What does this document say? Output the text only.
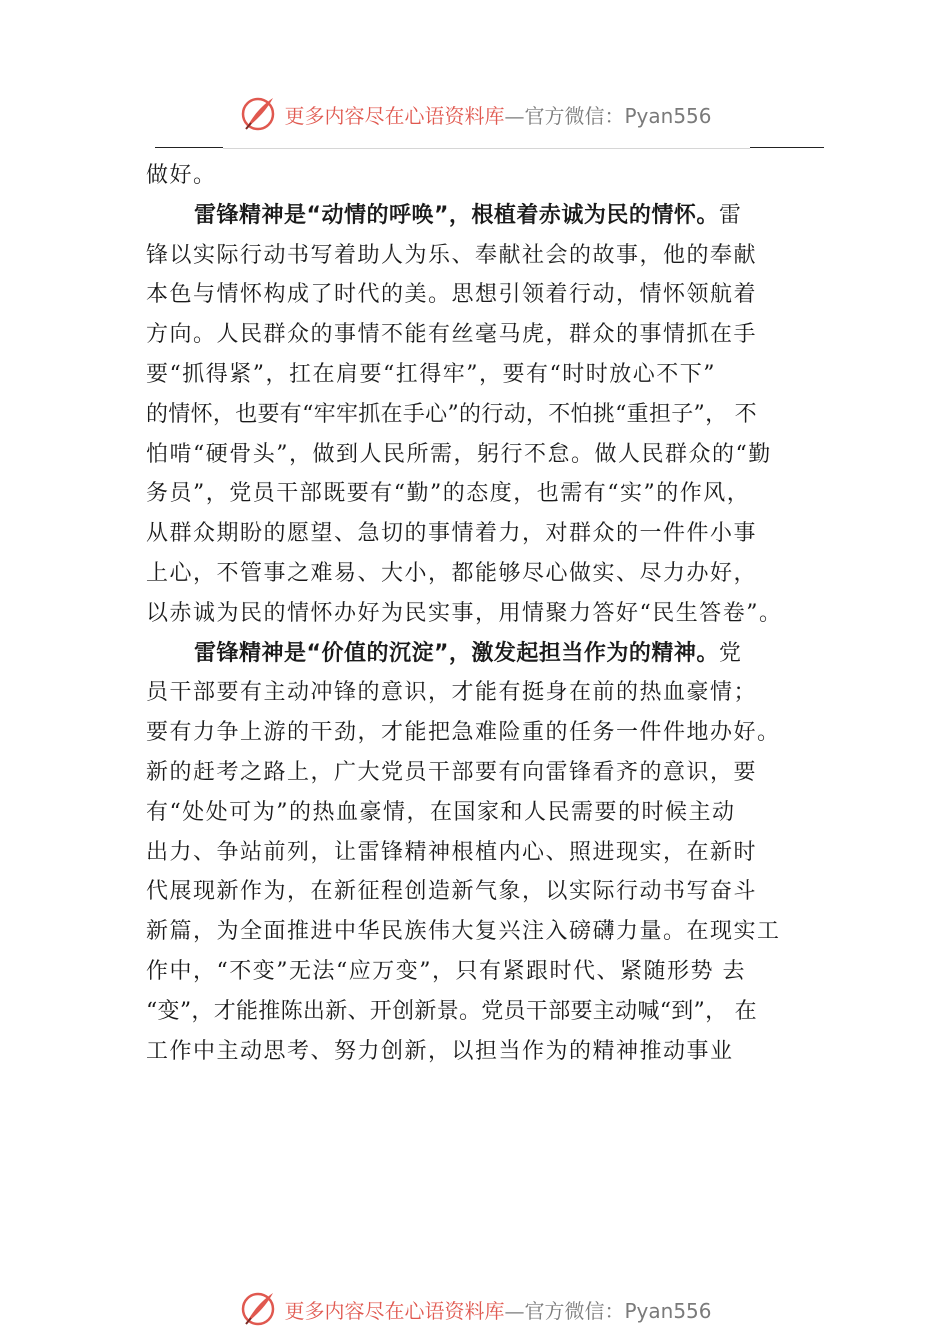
更多内容尽在心语资料库—官方微信：Pyan556
做好。
雷锋精神是“动情的呼唤”，根植着赤诚为民的情怀。雷
锋以实际行动书写着助人为乐、奉献社会的故事，他的奉献
本色与情怀构成了时代的美。思想引领着行动，情怀领航着
方向。人民群众的事情不能有丝毫马虎，群众的事情抓在手
要“抓得紧”，扛在肩要“扛得牢”，要有“时时放心不下”
的情怀，也要有“牢牢抓在手心”的行动，不怕挑“重担子”， 不
怕啃“硬骨头”，做到人民所需，躬行不怠。做人民群众的“勤
务员”，党员干部既要有“勤”的态度，也需有“实”的作风，
从群众期盼的愿望、急切的事情着力，对群众的一件件小事
上心，不管事之难易、大小，都能够尽心做实、尽力办好，
以赤诚为民的情怀办好为民实事，用情聚力答好“民生答卷”。
雷锋精神是“价值的沉淀”，激发起担当作为的精神。党
员干部要有主动冲锋的意识，才能有挺身在前的热血豪情；
要有力争上游的干劲，才能把急难险重的任务一件件地办好。
新的赶考之路上，广大党员干部要有向雷锋看齐的意识，要
有“处处可为”的热血豪情，在国家和人民需要的时候主动
出力、争站前列，让雷锋精神根植内心、照进现实，在新时
代展现新作为，在新征程创造新气象，以实际行动书写奋斗
新篇，为全面推进中华民族伟大复兴注入磅礴力量。在现实工
作中，“不变”无法“应万变”，只有紧跟时代、紧随形势 去
“变”，才能推陈出新、开创新景。党员干部要主动喊“到”， 在
工作中主动思考、努力创新，以担当作为的精神推动事业
更多内容尽在心语资料库—官方微信：Pyan556
